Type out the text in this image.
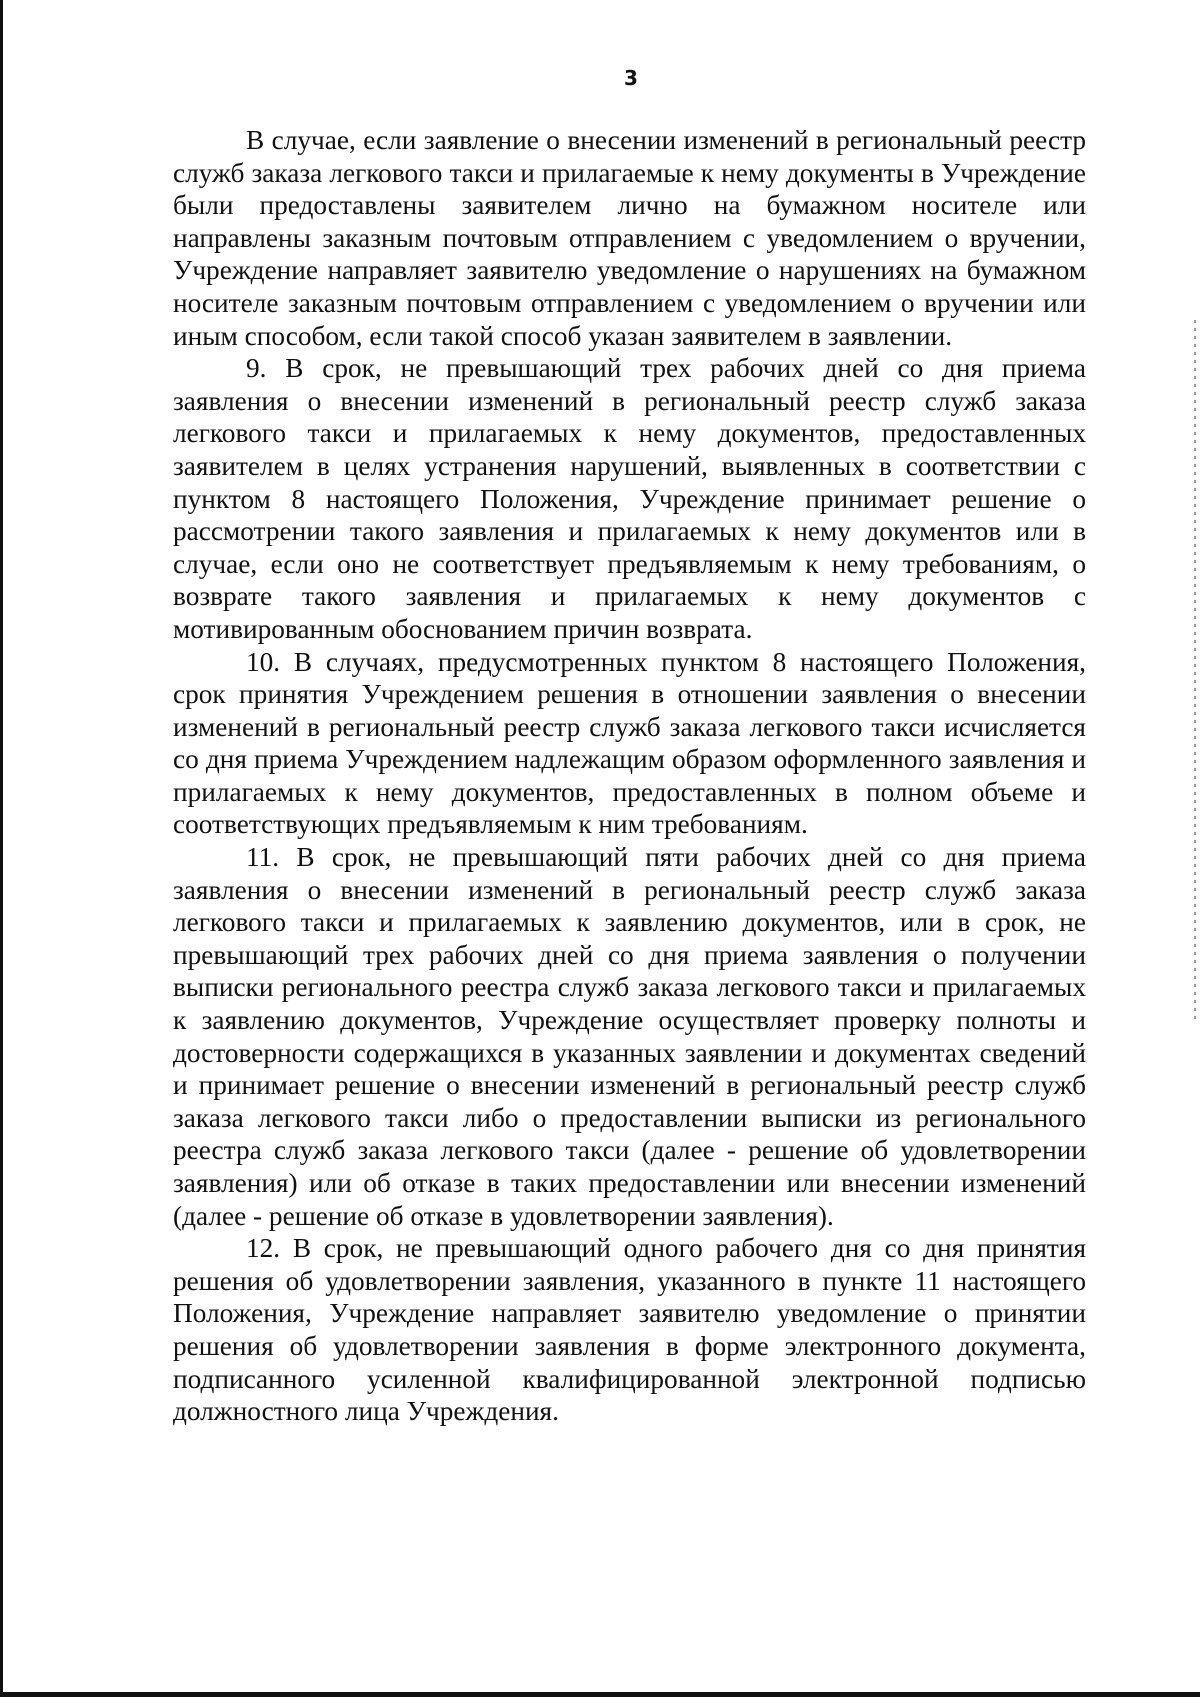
3

В случае, если заявление о внесении изменений в региональный реестр служб заказа легкового такси и прилагаемые к нему документы в Учреждение были предоставлены заявителем лично на бумажном носителе или направлены заказным почтовым отправлением с уведомлением о вручении, Учреждение направляет заявителю уведомление о нарушениях на бумажном носителе заказным почтовым отправлением с уведомлением о вручении или иным способом, если такой способ указан заявителем в заявлении.

9. В срок, не превышающий трех рабочих дней со дня приема заявления о внесении изменений в региональный реестр служб заказа легкового такси и прилагаемых к нему документов, предоставленных заявителем в целях устранения нарушений, выявленных в соответствии с пунктом 8 настоящего Положения, Учреждение принимает решение о рассмотрении такого заявления и прилагаемых к нему документов или в случае, если оно не соответствует предъявляемым к нему требованиям, о возврате такого заявления и прилагаемых к нему документов с мотивированным обоснованием причин возврата.

10. В случаях, предусмотренных пунктом 8 настоящего Положения, срок принятия Учреждением решения в отношении заявления о внесении изменений в региональный реестр служб заказа легкового такси исчисляется со дня приема Учреждением надлежащим образом оформленного заявления и прилагаемых к нему документов, предоставленных в полном объеме и соответствующих предъявляемым к ним требованиям.

11. В срок, не превышающий пяти рабочих дней со дня приема заявления о внесении изменений в региональный реестр служб заказа легкового такси и прилагаемых к заявлению документов, или в срок, не превышающий трех рабочих дней со дня приема заявления о получении выписки регионального реестра служб заказа легкового такси и прилагаемых к заявлению документов, Учреждение осуществляет проверку полноты и достоверности содержащихся в указанных заявлении и документах сведений и принимает решение о внесении изменений в региональный реестр служб заказа легкового такси либо о предоставлении выписки из регионального реестра служб заказа легкового такси (далее - решение об удовлетворении заявления) или об отказе в таких предоставлении или внесении изменений (далее - решение об отказе в удовлетворении заявления).

12. В срок, не превышающий одного рабочего дня со дня принятия решения об удовлетворении заявления, указанного в пункте 11 настоящего Положения, Учреждение направляет заявителю уведомление о принятии решения об удовлетворении заявления в форме электронного документа, подписанного усиленной квалифицированной электронной подписью должностного лица Учреждения.
